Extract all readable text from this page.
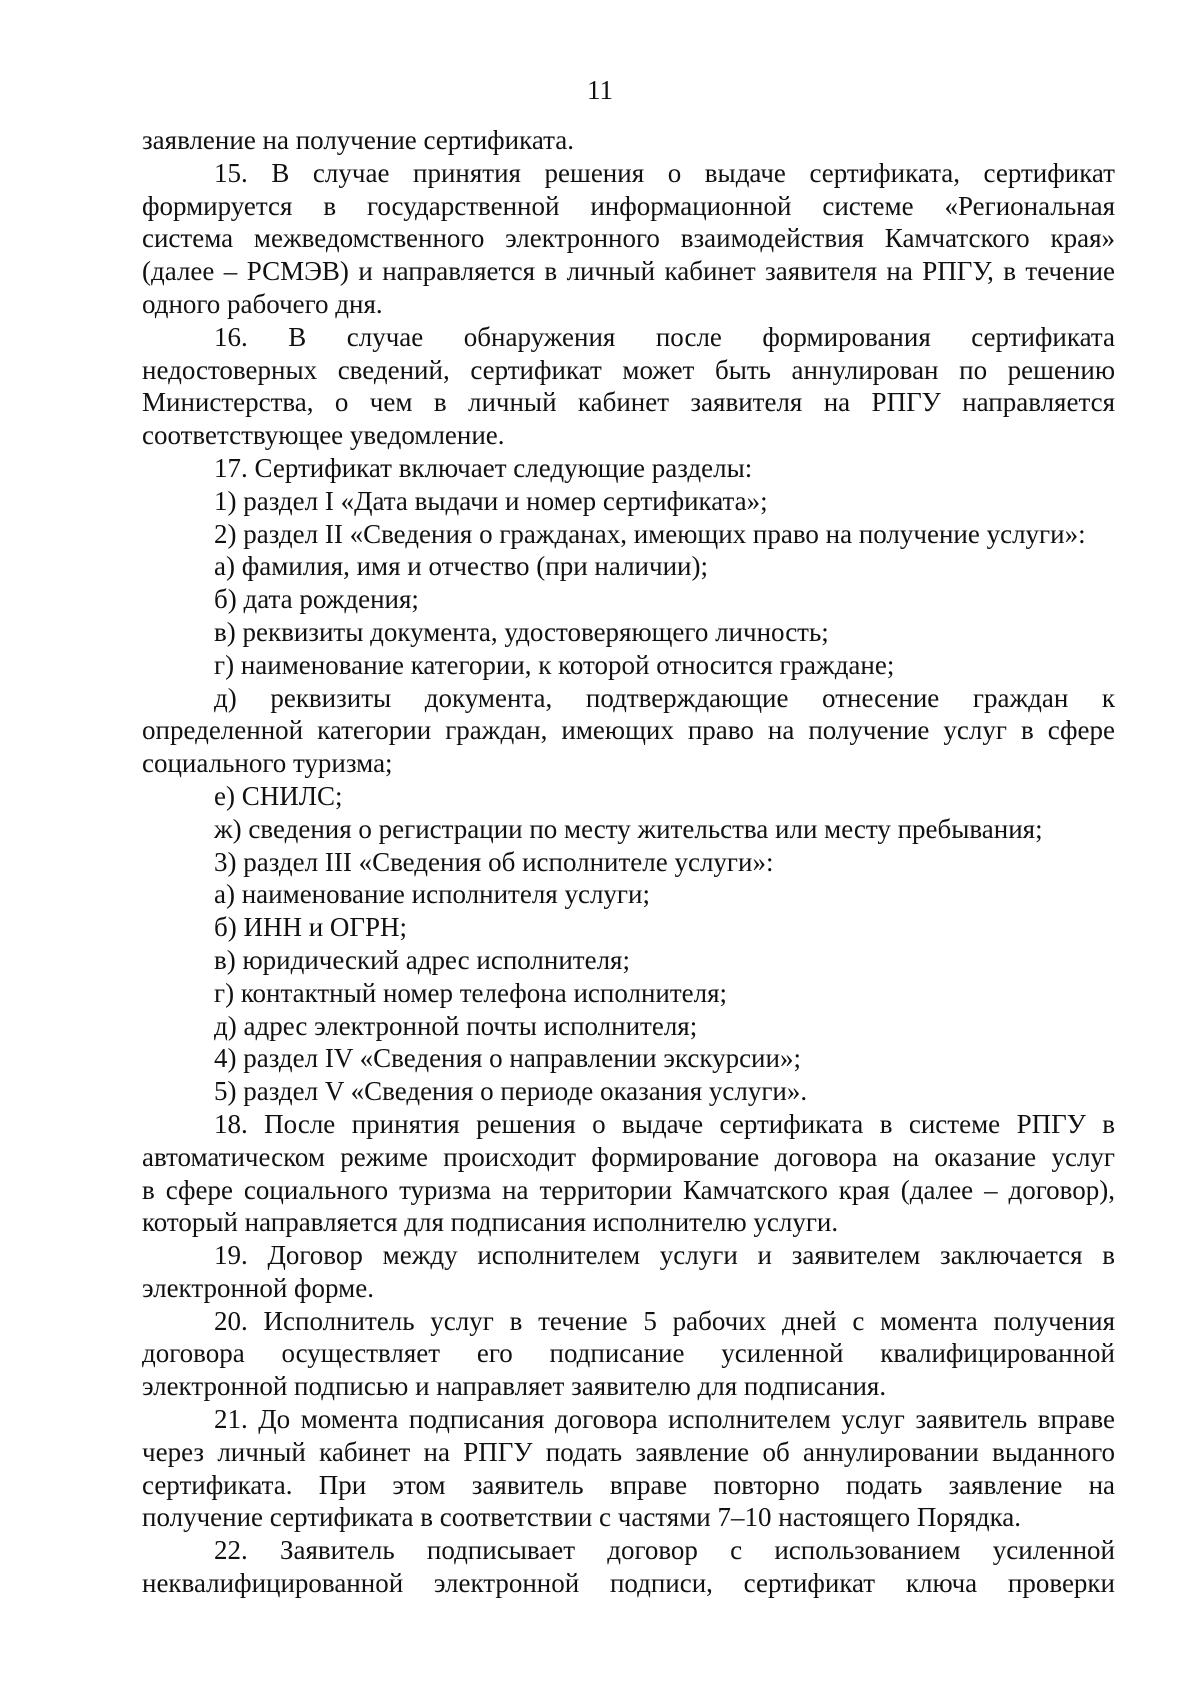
11
заявление на получение сертификата.
15. В случае принятия решения о выдаче сертификата, сертификат
формируется в государственной информационной системе «Региональная
система межведомственного электронного взаимодействия Камчатского края»
(далее – РСМЭВ) и направляется в личный кабинет заявителя на РПГУ, в течение
одного рабочего дня.
16. В случае обнаружения после формирования сертификата
недостоверных сведений, сертификат может быть аннулирован по решению
Министерства, о чем в личный кабинет заявителя на РПГУ направляется
соответствующее уведомление.
17. Сертификат включает следующие разделы:
1) раздел I «Дата выдачи и номер сертификата»;
2) раздел II «Сведения о гражданах, имеющих право на получение услуги»:
а) фамилия, имя и отчество (при наличии);
б) дата рождения;
в) реквизиты документа, удостоверяющего личность;
г) наименование категории, к которой относится граждане;
д) реквизиты документа, подтверждающие отнесение граждан к
определенной категории граждан, имеющих право на получение услуг в сфере
социального туризма;
е) СНИЛС;
ж) сведения о регистрации по месту жительства или месту пребывания;
3) раздел III «Сведения об исполнителе услуги»:
а) наименование исполнителя услуги;
б) ИНН и ОГРН;
в) юридический адрес исполнителя;
г) контактный номер телефона исполнителя;
д) адрес электронной почты исполнителя;
4) раздел IV «Сведения о направлении экскурсии»;
5) раздел V «Сведения о периоде оказания услуги».
18. После принятия решения о выдаче сертификата в системе РПГУ в
автоматическом режиме происходит формирование договора на оказание услуг
в сфере социального туризма на территории Камчатского края (далее – договор),
который направляется для подписания исполнителю услуги.
19. Договор между исполнителем услуги и заявителем заключается в
электронной форме.
20. Исполнитель услуг в течение 5 рабочих дней с момента получения
договора осуществляет его подписание усиленной квалифицированной
электронной подписью и направляет заявителю для подписания.
21. До момента подписания договора исполнителем услуг заявитель вправе
через личный кабинет на РПГУ подать заявление об аннулировании выданного
сертификата. При этом заявитель вправе повторно подать заявление на
получение сертификата в соответствии с частями 7–10 настоящего Порядка.
22. Заявитель подписывает договор с использованием усиленной
неквалифицированной электронной подписи, сертификат ключа проверки
